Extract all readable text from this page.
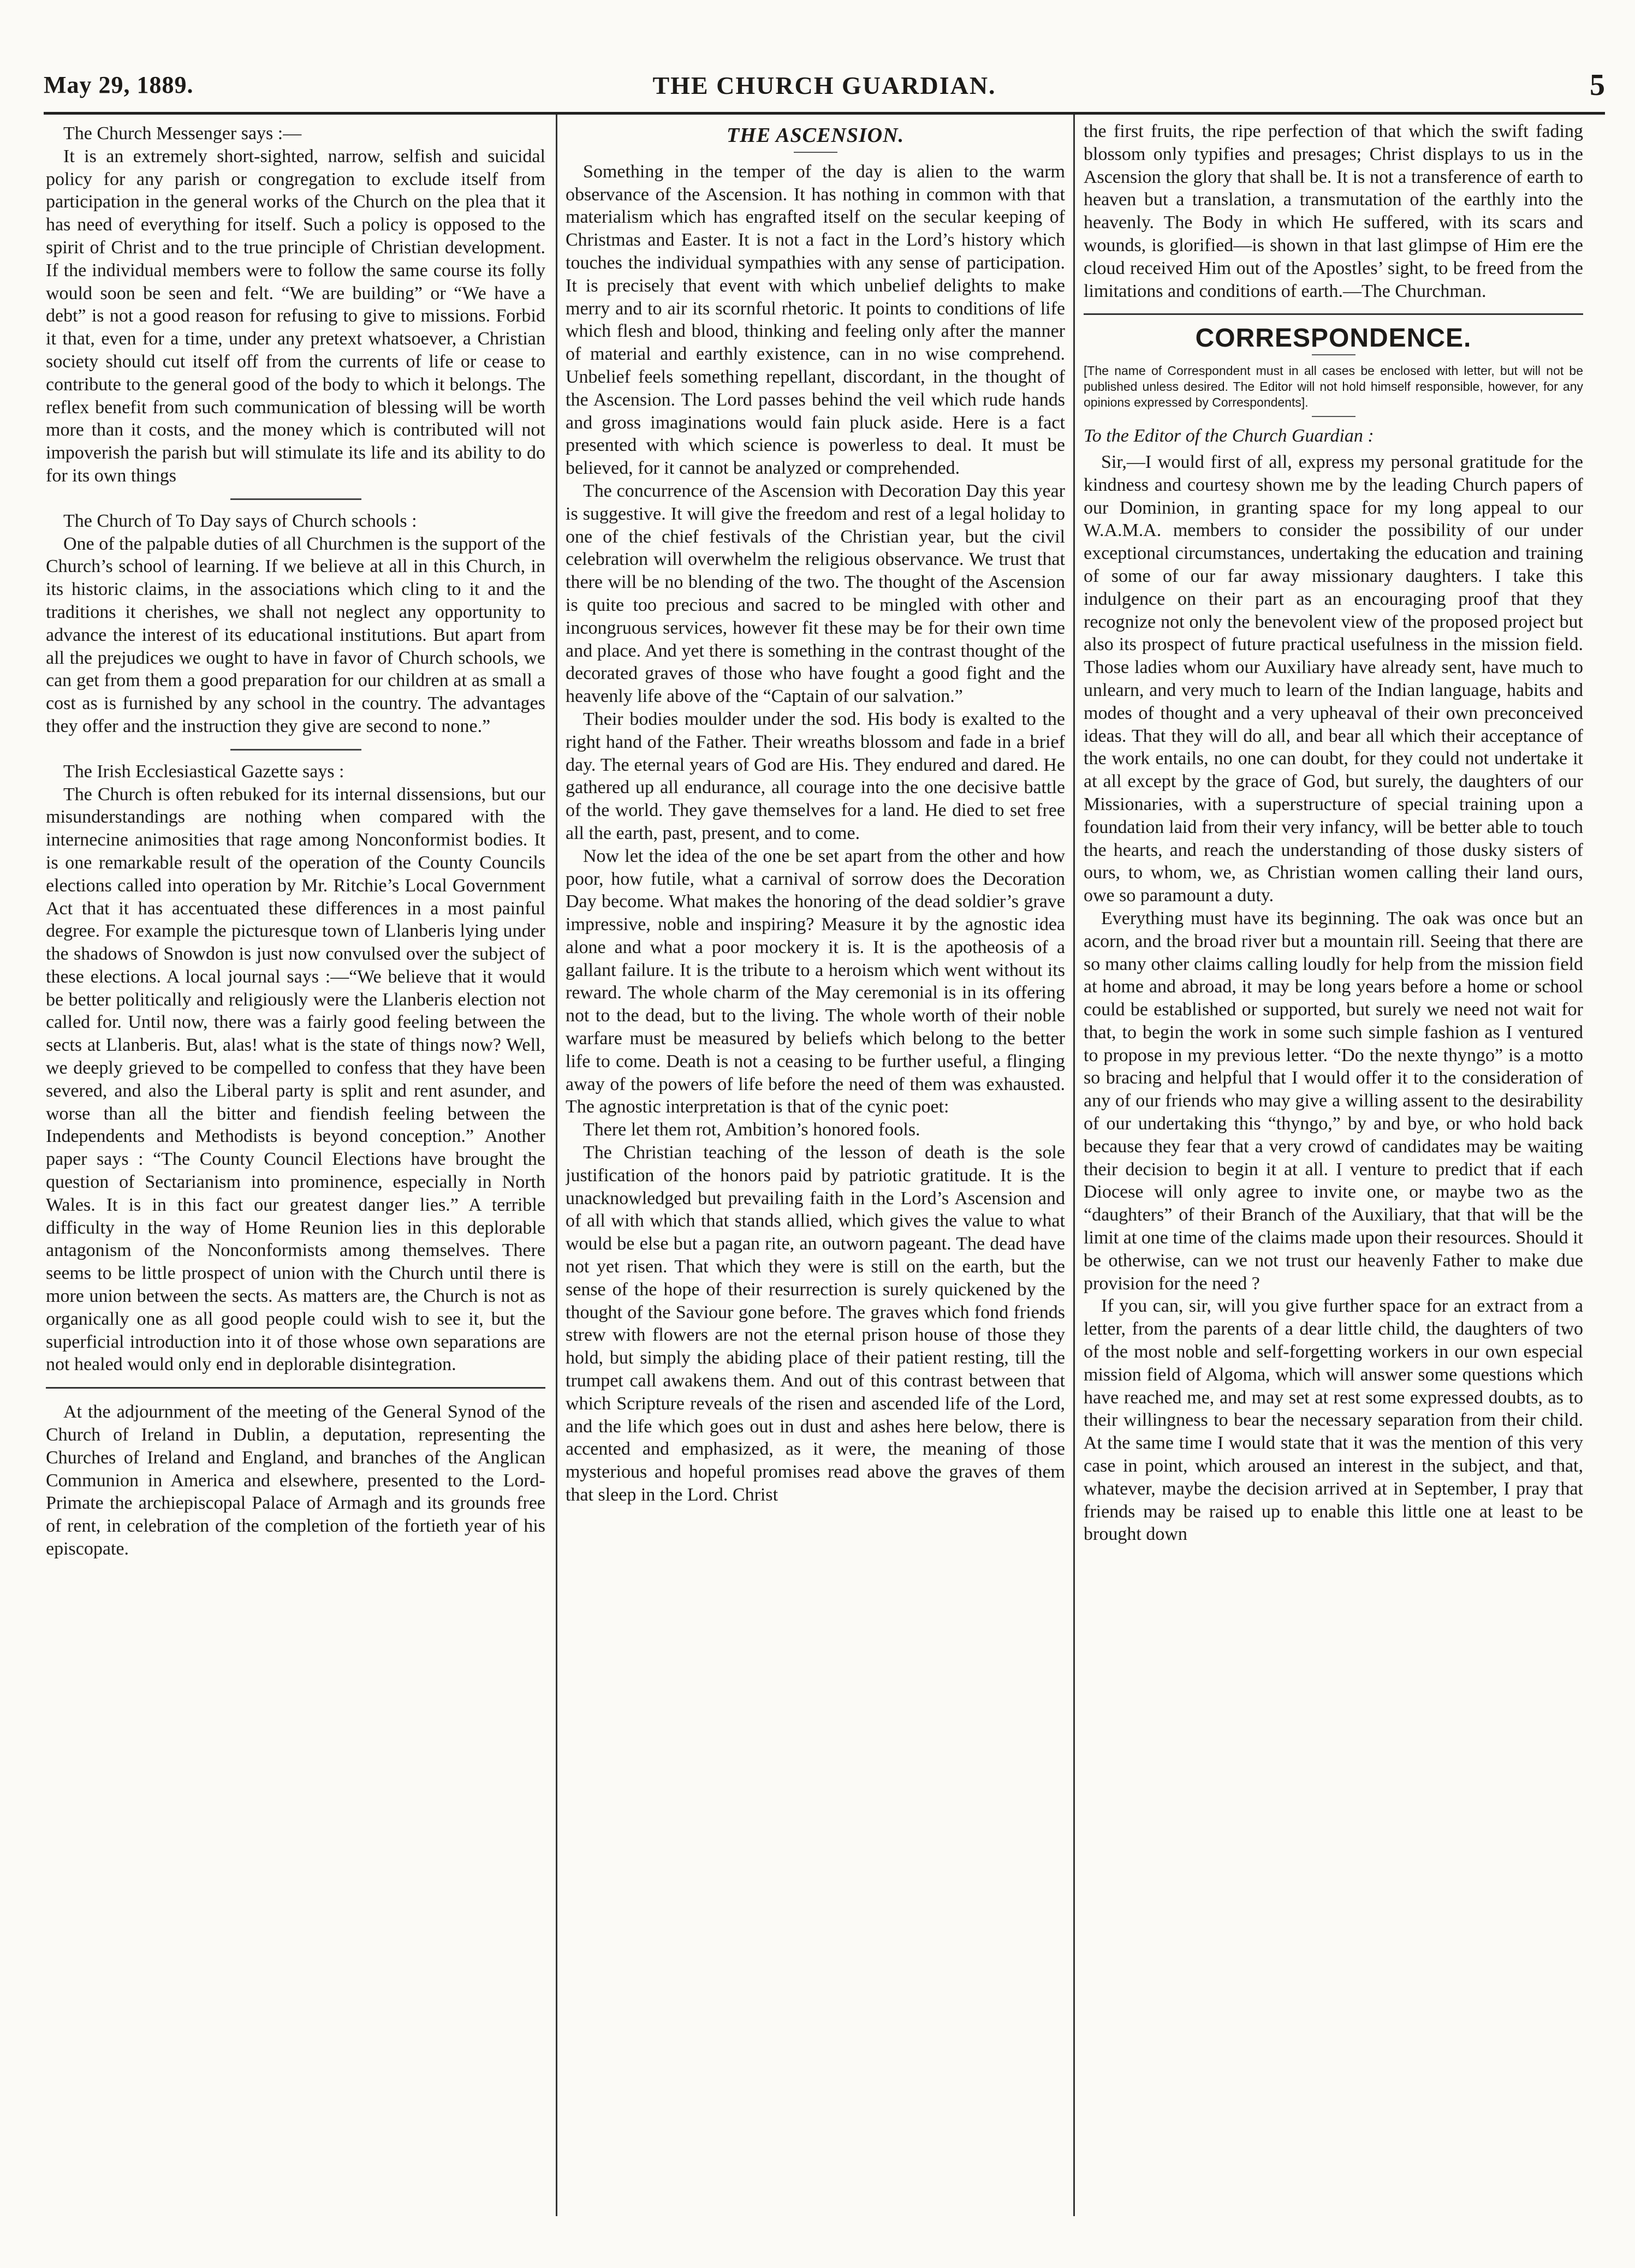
May 29, 1889.	THE CHURCH GUARDIAN.	5

The Church Messenger says :—

It is an extremely short-sighted, narrow, selfish and suicidal policy for any parish or congregation to exclude itself from participation in the general works of the Church on the plea that it has need of everything for itself. Such a policy is opposed to the spirit of Christ and to the true principle of Christian development. If the individual members were to follow the same course its folly would soon be seen and felt. “We are building” or “We have a debt” is not a good reason for refusing to give to missions. Forbid it that, even for a time, under any pretext whatsoever, a Christian society should cut itself off from the currents of life or cease to contribute to the general good of the body to which it belongs. The reflex benefit from such communication of blessing will be worth more than it costs, and the money which is contributed will not impoverish the parish but will stimulate its life and its ability to do for its own things

The Church of To Day says of Church schools :

One of the palpable duties of all Churchmen is the support of the Church’s school of learning. If we believe at all in this Church, in its historic claims, in the associations which cling to it and the traditions it cherishes, we shall not neglect any opportunity to advance the interest of its educational institutions. But apart from all the prejudices we ought to have in favor of Church schools, we can get from them a good preparation for our children at as small a cost as is furnished by any school in the country. The advantages they offer and the instruction they give are second to none.”

The Irish Ecclesiastical Gazette says :

The Church is often rebuked for its internal dissensions, but our misunderstandings are nothing when compared with the internecine animosities that rage among Nonconformist bodies. It is one remarkable result of the operation of the County Councils elections called into operation by Mr. Ritchie’s Local Government Act that it has accentuated these differences in a most painful degree. For example the picturesque town of Llanberis lying under the shadows of Snowdon is just now convulsed over the subject of these elections. A local journal says :—“We believe that it would be better politically and religiously were the Llanberis election not called for. Until now, there was a fairly good feeling between the sects at Llanberis. But, alas! what is the state of things now? Well, we deeply grieved to be compelled to confess that they have been severed, and also the Liberal party is split and rent asunder, and worse than all the bitter and fiendish feeling between the Independents and Methodists is beyond conception.” Another paper says : “The County Council Elections have brought the question of Sectarianism into prominence, especially in North Wales. It is in this fact our greatest danger lies.” A terrible difficulty in the way of Home Reunion lies in this deplorable antagonism of the Nonconformists among themselves. There seems to be little prospect of union with the Church until there is more union between the sects. As matters are, the Church is not as organically one as all good people could wish to see it, but the superficial introduction into it of those whose own separations are not healed would only end in deplorable disintegration.

At the adjournment of the meeting of the General Synod of the Church of Ireland in Dublin, a deputation, representing the Churches of Ireland and England, and branches of the Anglican Communion in America and elsewhere, presented to the Lord-Primate the archiepiscopal Palace of Armagh and its grounds free of rent, in celebration of the completion of the fortieth year of his episcopate.

THE ASCENSION.

Something in the temper of the day is alien to the warm observance of the Ascension. It has nothing in common with that materialism which has engrafted itself on the secular keeping of Christmas and Easter. It is not a fact in the Lord’s history which touches the individual sympathies with any sense of participation. It is precisely that event with which unbelief delights to make merry and to air its scornful rhetoric. It points to conditions of life which flesh and blood, thinking and feeling only after the manner of material and earthly existence, can in no wise comprehend. Unbelief feels something repellant, discordant, in the thought of the Ascension. The Lord passes behind the veil which rude hands and gross imaginations would fain pluck aside. Here is a fact presented with which science is powerless to deal. It must be believed, for it cannot be analyzed or comprehended.

The concurrence of the Ascension with Decoration Day this year is suggestive. It will give the freedom and rest of a legal holiday to one of the chief festivals of the Christian year, but the civil celebration will overwhelm the religious observance. We trust that there will be no blending of the two. The thought of the Ascension is quite too precious and sacred to be mingled with other and incongruous services, however fit these may be for their own time and place. And yet there is something in the contrast thought of the decorated graves of those who have fought a good fight and the heavenly life above of the “Captain of our salvation.”

Their bodies moulder under the sod. His body is exalted to the right hand of the Father. Their wreaths blossom and fade in a brief day. The eternal years of God are His. They endured and dared. He gathered up all endurance, all courage into the one decisive battle of the world. They gave themselves for a land. He died to set free all the earth, past, present, and to come.

Now let the idea of the one be set apart from the other and how poor, how futile, what a carnival of sorrow does the Decoration Day become. What makes the honoring of the dead soldier’s grave impressive, noble and inspiring? Measure it by the agnostic idea alone and what a poor mockery it is. It is the apotheosis of a gallant failure. It is the tribute to a heroism which went without its reward. The whole charm of the May ceremonial is in its offering not to the dead, but to the living. The whole worth of their noble warfare must be measured by beliefs which belong to the better life to come. Death is not a ceasing to be further useful, a flinging away of the powers of life before the need of them was exhausted. The agnostic interpretation is that of the cynic poet:

There let them rot, Ambition’s honored fools.

The Christian teaching of the lesson of death is the sole justification of the honors paid by patriotic gratitude. It is the unacknowledged but prevailing faith in the Lord’s Ascension and of all with which that stands allied, which gives the value to what would be else but a pagan rite, an outworn pageant. The dead have not yet risen. That which they were is still on the earth, but the sense of the hope of their resurrection is surely quickened by the thought of the Saviour gone before. The graves which fond friends strew with flowers are not the eternal prison house of those they hold, but simply the abiding place of their patient resting, till the trumpet call awakens them. And out of this contrast between that which Scripture reveals of the risen and ascended life of the Lord, and the life which goes out in dust and ashes here below, there is accented and emphasized, as it were, the meaning of those mysterious and hopeful promises read above the graves of them that sleep in the Lord. Christ

the first fruits, the ripe perfection of that which the swift fading blossom only typifies and presages; Christ displays to us in the Ascension the glory that shall be. It is not a transference of earth to heaven but a translation, a transmutation of the earthly into the heavenly. The Body in which He suffered, with its scars and wounds, is glorified—is shown in that last glimpse of Him ere the cloud received Him out of the Apostles’ sight, to be freed from the limitations and conditions of earth.—The Churchman.

CORRESPONDENCE.
[The name of Correspondent must in all cases be enclosed with letter, but will not be published unless desired. The Editor will not hold himself responsible, however, for any opinions expressed by Correspondents].

To the Editor of the Church Guardian :

Sir,—I would first of all, express my personal gratitude for the kindness and courtesy shown me by the leading Church papers of our Dominion, in granting space for my long appeal to our W.A.M.A. members to consider the possibility of our under exceptional circumstances, undertaking the education and training of some of our far away missionary daughters. I take this indulgence on their part as an encouraging proof that they recognize not only the benevolent view of the proposed project but also its prospect of future practical usefulness in the mission field. Those ladies whom our Auxiliary have already sent, have much to unlearn, and very much to learn of the Indian language, habits and modes of thought and a very upheaval of their own preconceived ideas. That they will do all, and bear all which their acceptance of the work entails, no one can doubt, for they could not undertake it at all except by the grace of God, but surely, the daughters of our Missionaries, with a superstructure of special training upon a foundation laid from their very infancy, will be better able to touch the hearts, and reach the understanding of those dusky sisters of ours, to whom, we, as Christian women calling their land ours, owe so paramount a duty.

Everything must have its beginning. The oak was once but an acorn, and the broad river but a mountain rill. Seeing that there are so many other claims calling loudly for help from the mission field at home and abroad, it may be long years before a home or school could be established or supported, but surely we need not wait for that, to begin the work in some such simple fashion as I ventured to propose in my previous letter. “Do the nexte thyngo” is a motto so bracing and helpful that I would offer it to the consideration of any of our friends who may give a willing assent to the desirability of our undertaking this “thyngo,” by and bye, or who hold back because they fear that a very crowd of candidates may be waiting their decision to begin it at all. I venture to predict that if each Diocese will only agree to invite one, or maybe two as the “daughters” of their Branch of the Auxiliary, that that will be the limit at one time of the claims made upon their resources. Should it be otherwise, can we not trust our heavenly Father to make due provision for the need ?

If you can, sir, will you give further space for an extract from a letter, from the parents of a dear little child, the daughters of two of the most noble and self-forgetting workers in our own especial mission field of Algoma, which will answer some questions which have reached me, and may set at rest some expressed doubts, as to their willingness to bear the necessary separation from their child. At the same time I would state that it was the mention of this very case in point, which aroused an interest in the subject, and that, whatever, maybe the decision arrived at in September, I pray that friends may be raised up to enable this little one at least to be brought down
